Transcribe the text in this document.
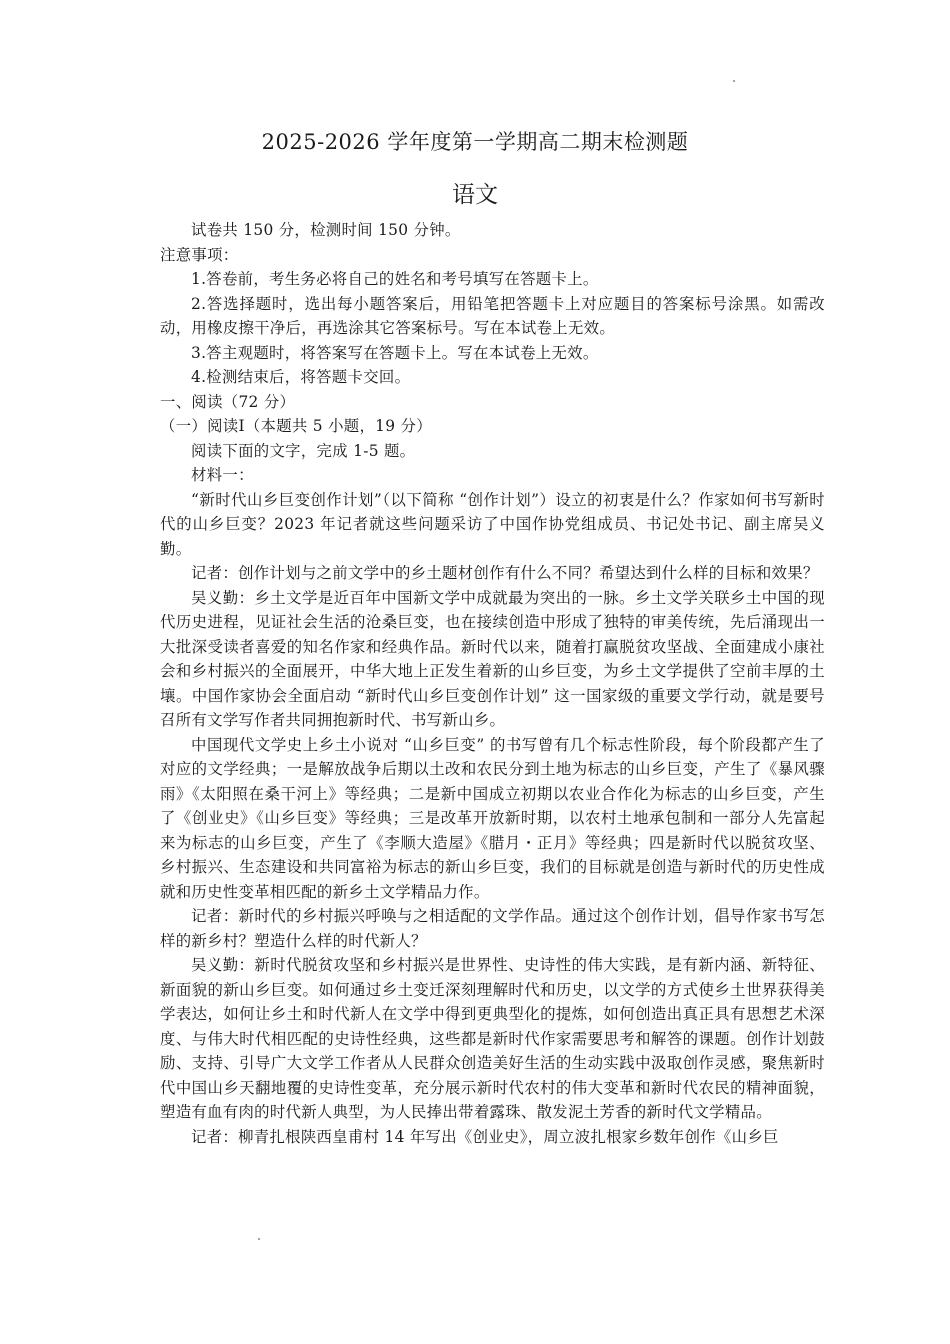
2025-2026 学年度第一学期高二期末检测题
语文

试卷共 150 分，检测时间 150 分钟。

注意事项：

1.答卷前，考生务必将自己的姓名和考号填写在答题卡上。

2.答选择题时，选出每小题答案后，用铅笔把答题卡上对应题目的答案标号涂黑。如需改动，用橡皮擦干净后，再选涂其它答案标号。写在本试卷上无效。

3.答主观题时，将答案写在答题卡上。写在本试卷上无效。

4.检测结束后，将答题卡交回。

一、阅读（72 分）

（一）阅读Ⅰ（本题共 5 小题，19 分）

阅读下面的文字，完成 1-5 题。

材料一：

“新时代山乡巨变创作计划”（以下简称 “创作计划”）设立的初衷是什么？作家如何书写新时代的山乡巨变？2023 年记者就这些问题采访了中国作协党组成员、书记处书记、副主席吴义勤。

记者：创作计划与之前文学中的乡土题材创作有什么不同？希望达到什么样的目标和效果？

吴义勤：乡土文学是近百年中国新文学中成就最为突出的一脉。乡土文学关联乡土中国的现代历史进程，见证社会生活的沧桑巨变，也在接续创造中形成了独特的审美传统，先后涌现出一大批深受读者喜爱的知名作家和经典作品。新时代以来，随着打赢脱贫攻坚战、全面建成小康社会和乡村振兴的全面展开，中华大地上正发生着新的山乡巨变，为乡土文学提供了空前丰厚的土壤。中国作家协会全面启动 “新时代山乡巨变创作计划” 这一国家级的重要文学行动，就是要号召所有文学写作者共同拥抱新时代、书写新山乡。

中国现代文学史上乡土小说对 “山乡巨变” 的书写曾有几个标志性阶段，每个阶段都产生了对应的文学经典；一是解放战争后期以土改和农民分到土地为标志的山乡巨变，产生了《暴风骤雨》《太阳照在桑干河上》等经典；二是新中国成立初期以农业合作化为标志的山乡巨变，产生了《创业史》《山乡巨变》等经典；三是改革开放新时期，以农村土地承包制和一部分人先富起来为标志的山乡巨变，产生了《李顺大造屋》《腊月・正月》等经典；四是新时代以脱贫攻坚、乡村振兴、生态建设和共同富裕为标志的新山乡巨变，我们的目标就是创造与新时代的历史性成就和历史性变革相匹配的新乡土文学精品力作。

记者：新时代的乡村振兴呼唤与之相适配的文学作品。通过这个创作计划，倡导作家书写怎样的新乡村？塑造什么样的时代新人？

吴义勤：新时代脱贫攻坚和乡村振兴是世界性、史诗性的伟大实践，是有新内涵、新特征、新面貌的新山乡巨变。如何通过乡土变迁深刻理解时代和历史，以文学的方式使乡土世界获得美学表达，如何让乡土和时代新人在文学中得到更典型化的提炼，如何创造出真正具有思想艺术深度、与伟大时代相匹配的史诗性经典，这些都是新时代作家需要思考和解答的课题。创作计划鼓励、支持、引导广大文学工作者从人民群众创造美好生活的生动实践中汲取创作灵感，聚焦新时代中国山乡天翻地覆的史诗性变革，充分展示新时代农村的伟大变革和新时代农民的精神面貌，塑造有血有肉的时代新人典型，为人民捧出带着露珠、散发泥土芳香的新时代文学精品。

记者：柳青扎根陕西皇甫村 14 年写出《创业史》，周立波扎根家乡数年创作《山乡巨
